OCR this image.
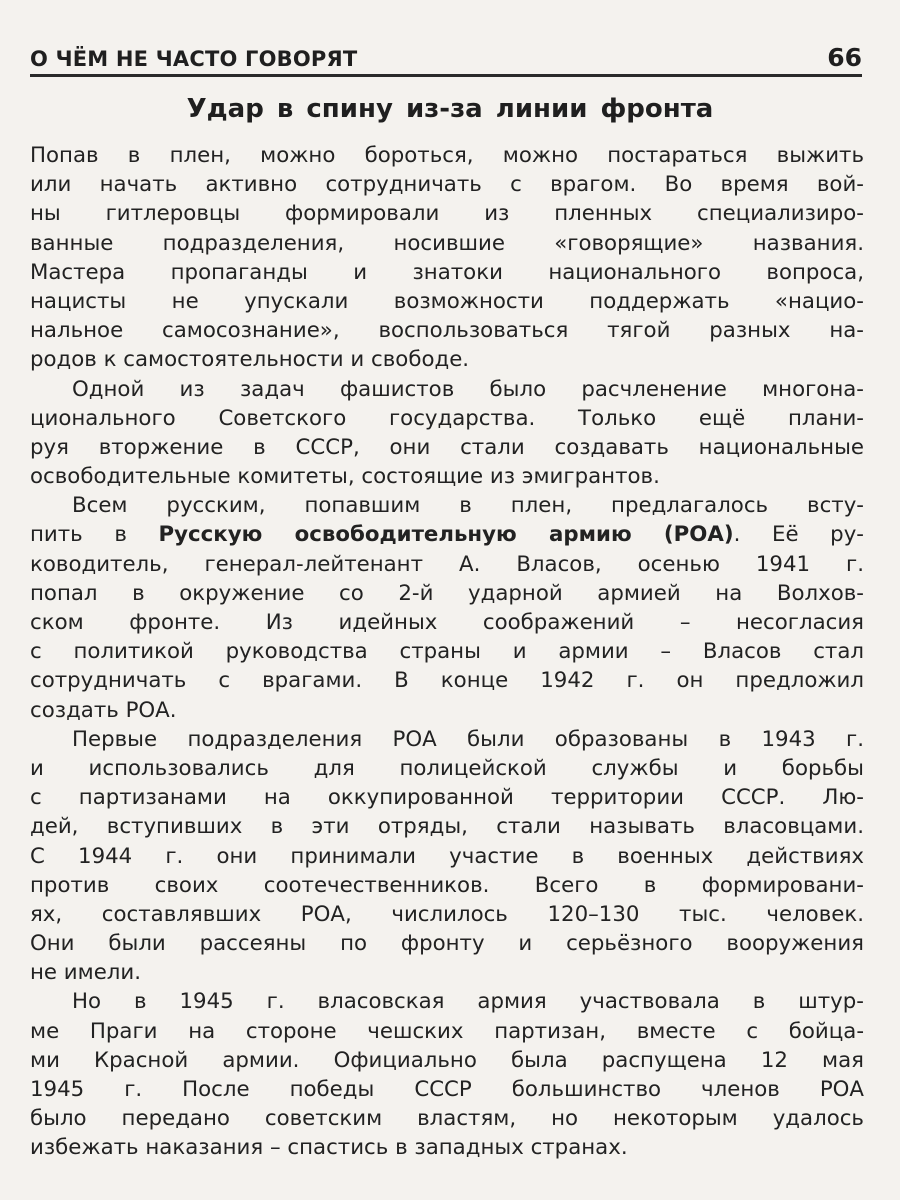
О ЧЁМ НЕ ЧАСТО ГОВОРЯТ	66
Удар в спину из-за линии фронта
Попав в плен, можно бороться, можно постараться выжить
или начать активно сотрудничать с врагом. Во время вой-
ны гитлеровцы формировали из пленных специализиро-
ванные подразделения, носившие «говорящие» названия.
Мастера пропаганды и знатоки национального вопроса,
нацисты не упускали возможности поддержать «нацио-
нальное самосознание», воспользоваться тягой разных на-
родов к самостоятельности и свободе.
Одной из задач фашистов было расчленение многона-
ционального Советского государства. Только ещё плани-
руя вторжение в СССР, они стали создавать национальные
освободительные комитеты, состоящие из эмигрантов.
Всем русским, попавшим в плен, предлагалось всту-
пить в Русскую освободительную армию (РОА). Её ру-
ководитель, генерал-лейтенант А. Власов, осенью 1941 г.
попал в окружение со 2-й ударной армией на Волхов-
ском фронте. Из идейных соображений – несогласия
с политикой руководства страны и армии – Власов стал
сотрудничать с врагами. В конце 1942 г. он предложил
создать РОА.
Первые подразделения РОА были образованы в 1943 г.
и использовались для полицейской службы и борьбы
с партизанами на оккупированной территории СССР. Лю-
дей, вступивших в эти отряды, стали называть власовцами.
С 1944 г. они принимали участие в военных действиях
против своих соотечественников. Всего в формировани-
ях, составлявших РОА, числилось 120–130 тыс. человек.
Они были рассеяны по фронту и серьёзного вооружения
не имели.
Но в 1945 г. власовская армия участвовала в штур-
ме Праги на стороне чешских партизан, вместе с бойца-
ми Красной армии. Официально была распущена 12 мая
1945 г. После победы СССР большинство членов РОА
было передано советским властям, но некоторым удалось
избежать наказания – спастись в западных странах.
